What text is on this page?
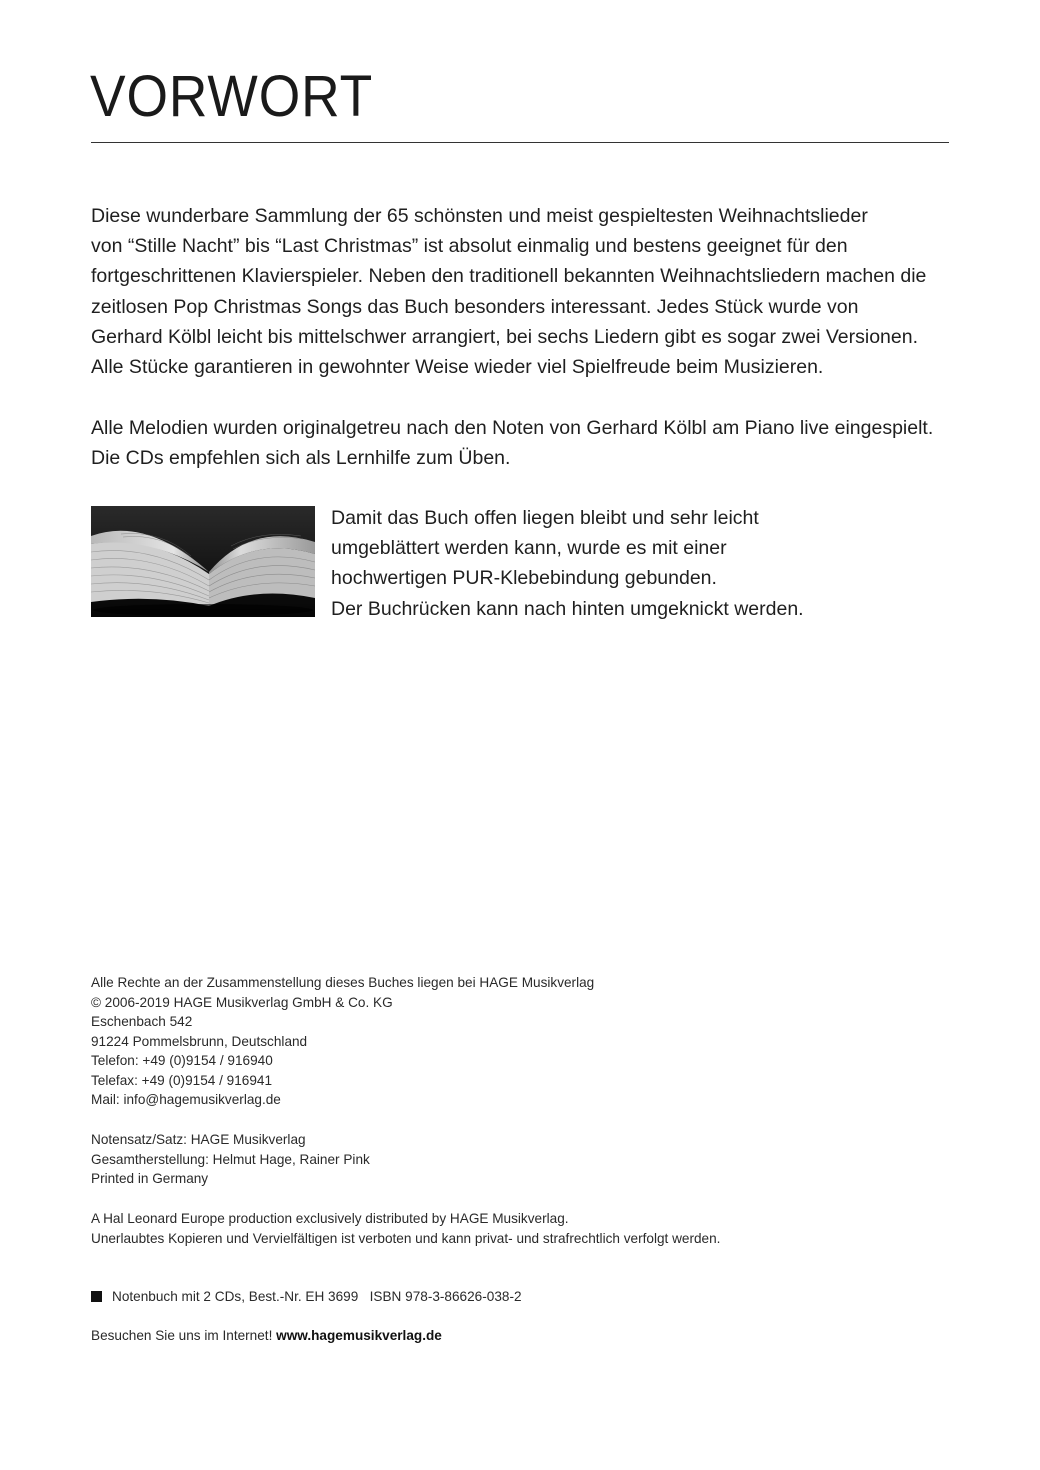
VORWORT

Diese wunderbare Sammlung der 65 schönsten und meist gespieltesten Weihnachtslieder

von “Stille Nacht” bis “Last Christmas” ist absolut einmalig und bestens geeignet für den

fortgeschrittenen Klavierspieler. Neben den traditionell bekannten Weihnachtsliedern machen die

zeitlosen Pop Christmas Songs das Buch besonders interessant. Jedes Stück wurde von

Gerhard Kölbl leicht bis mittelschwer arrangiert, bei sechs Liedern gibt es sogar zwei Versionen.

Alle Stücke garantieren in gewohnter Weise wieder viel Spielfreude beim Musizieren.

Alle Melodien wurden originalgetreu nach den Noten von Gerhard Kölbl am Piano live eingespielt.

Die CDs empfehlen sich als Lernhilfe zum Üben.

Damit das Buch offen liegen bleibt und sehr leicht

umgeblättert werden kann, wurde es mit einer

hochwertigen PUR-Klebebindung gebunden.

Der Buchrücken kann nach hinten umgeknickt werden.

Alle Rechte an der Zusammenstellung dieses Buches liegen bei HAGE Musikverlag

© 2006-2019 HAGE Musikverlag GmbH & Co. KG

Eschenbach 542

91224 Pommelsbrunn, Deutschland

Telefon: +49 (0)9154 / 916940

Telefax: +49 (0)9154 / 916941

Mail: info@hagemusikverlag.de

Notensatz/Satz: HAGE Musikverlag

Gesamtherstellung: Helmut Hage, Rainer Pink

Printed in Germany

A Hal Leonard Europe production exclusively distributed by HAGE Musikverlag.

Unerlaubtes Kopieren und Vervielfältigen ist verboten und kann privat- und strafrechtlich verfolgt werden.

Notenbuch mit 2 CDs, Best.-Nr. EH 3699   ISBN 978-3-86626-038-2
Besuchen Sie uns im Internet! www.hagemusikverlag.de
